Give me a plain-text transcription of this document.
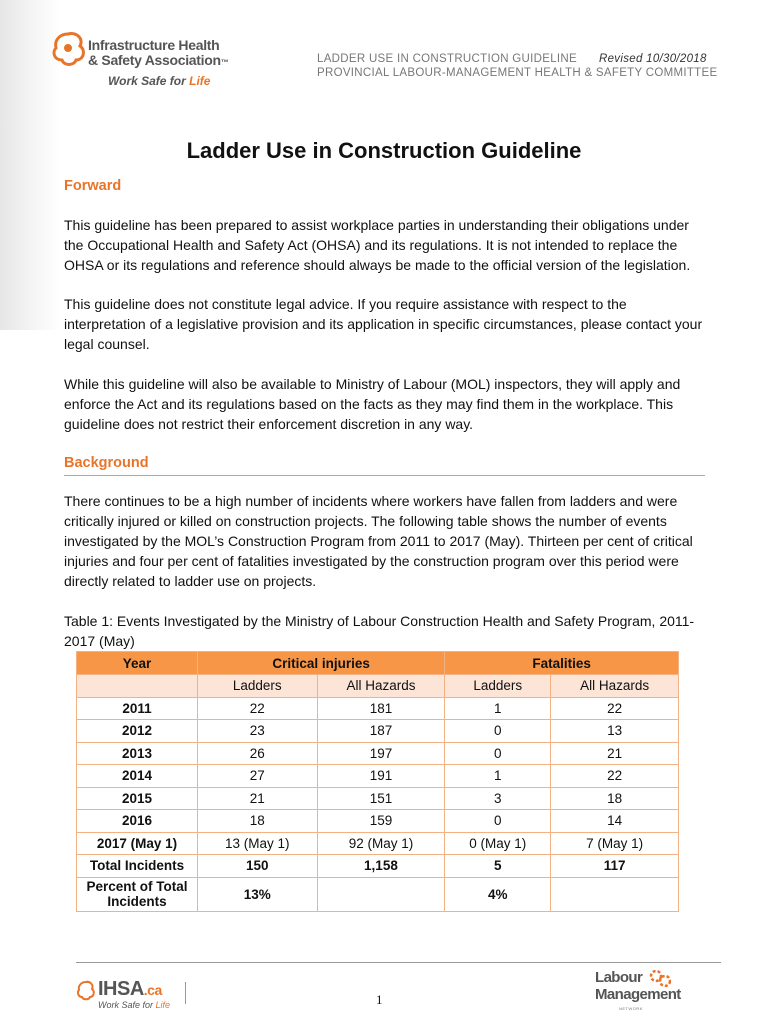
Infrastructure Health
& Safety Association™
Work Safe for Life
LADDER USE IN CONSTRUCTION GUIDELINE Revised 10/30/2018
PROVINCIAL LABOUR-MANAGEMENT HEALTH & SAFETY COMMITTEE
Ladder Use in Construction Guideline
Forward
This guideline has been prepared to assist workplace parties in understanding their obligations under the Occupational Health and Safety Act (OHSA) and its regulations. It is not intended to replace the OHSA or its regulations and reference should always be made to the official version of the legislation.
This guideline does not constitute legal advice. If you require assistance with respect to the interpretation of a legislative provision and its application in specific circumstances, please contact your legal counsel.
While this guideline will also be available to Ministry of Labour (MOL) inspectors, they will apply and enforce the Act and its regulations based on the facts as they may find them in the workplace. This guideline does not restrict their enforcement discretion in any way.
Background
There continues to be a high number of incidents where workers have fallen from ladders and were critically injured or killed on construction projects. The following table shows the number of events investigated by the MOL’s Construction Program from 2011 to 2017 (May). Thirteen per cent of critical injuries and four per cent of fatalities investigated by the construction program over this period were directly related to ladder use on projects.
Table 1: Events Investigated by the Ministry of Labour Construction Health and Safety Program, 2011-2017 (May)
Year	Critical injuries		Fatalities	
	Ladders	All Hazards	Ladders	All Hazards
2011	22	181	1	22
2012	23	187	0	13
2013	26	197	0	21
2014	27	191	1	22
2015	21	151	3	18
2016	18	159	0	14
2017 (May 1)	13 (May 1)	92 (May 1)	0 (May 1)	7 (May 1)
Total Incidents	150	1,158	5	117
Percent of Total Incidents	13%		4%	
IHSA.ca
Work Safe for Life	1
Labour
Management
NETWORK
